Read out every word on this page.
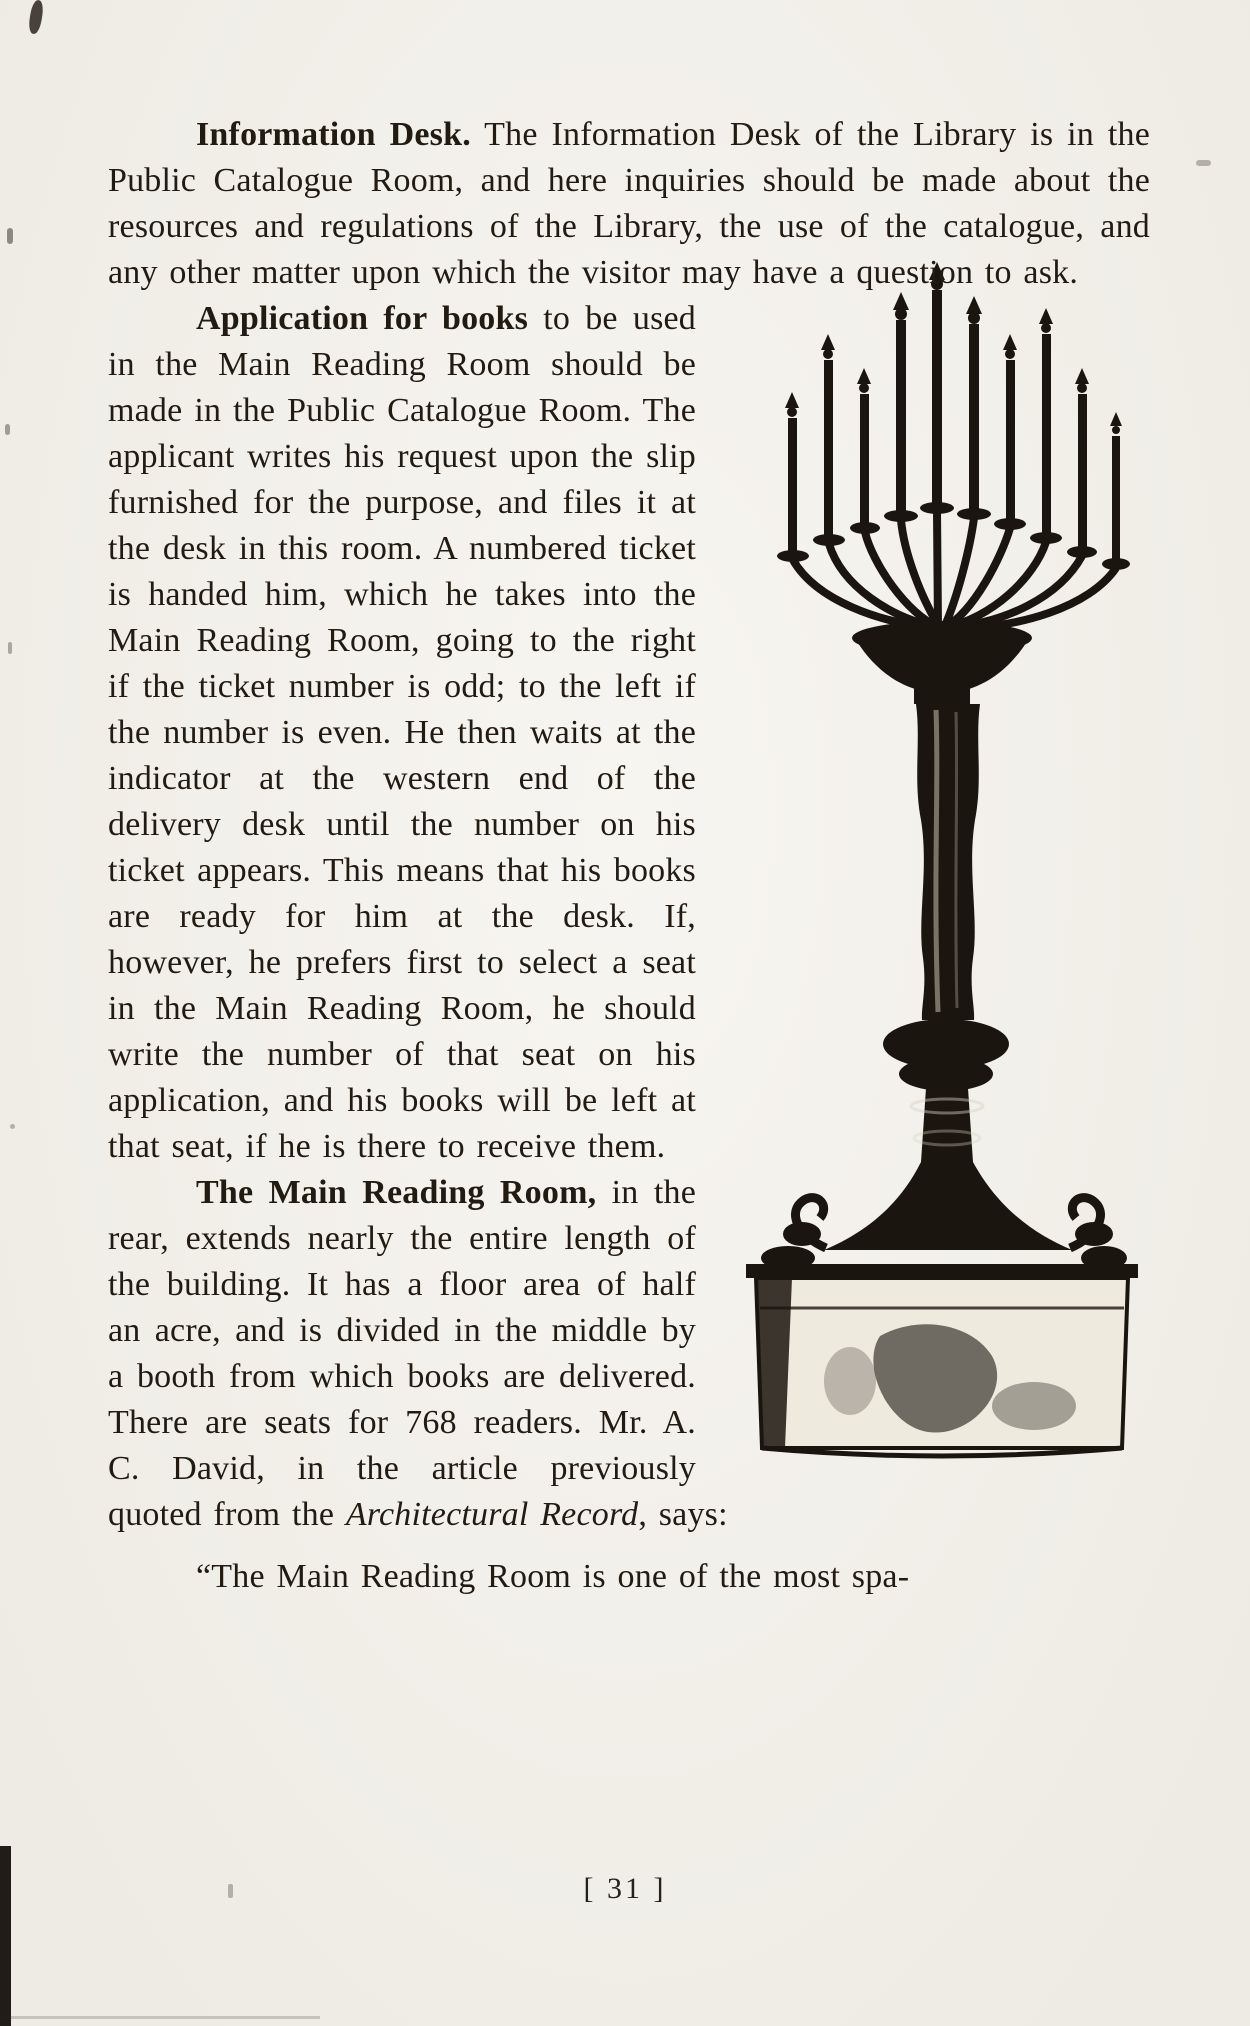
Information Desk. The Information Desk of the Library is in the Public Catalogue Room, and here inquiries should be made about the resources and regulations of the Library, the use of the catalogue, and any other matter upon which the visitor may have a question to ask.

Application for books to be used in the Main Reading Room should be made in the Public Catalogue Room. The applicant writes his request upon the slip furnished for the purpose, and files it at the desk in this room. A numbered ticket is handed him, which he takes into the Main Reading Room, going to the right if the ticket number is odd; to the left if the number is even. He then waits at the indicator at the western end of the delivery desk until the number on his ticket appears. This means that his books are ready for him at the desk. If, however, he prefers first to select a seat in the Main Reading Room, he should write the number of that seat on his application, and his books will be left at that seat, if he is there to receive them.

The Main Reading Room, in the rear, extends nearly the entire length of the building. It has a floor area of half an acre, and is divided in the middle by a booth from which books are delivered. There are seats for 768 readers. Mr. A. C. David, in the article previously quoted from the Architectural Record, says:

“The Main Reading Room is one of the most spa-

[ 31 ]
